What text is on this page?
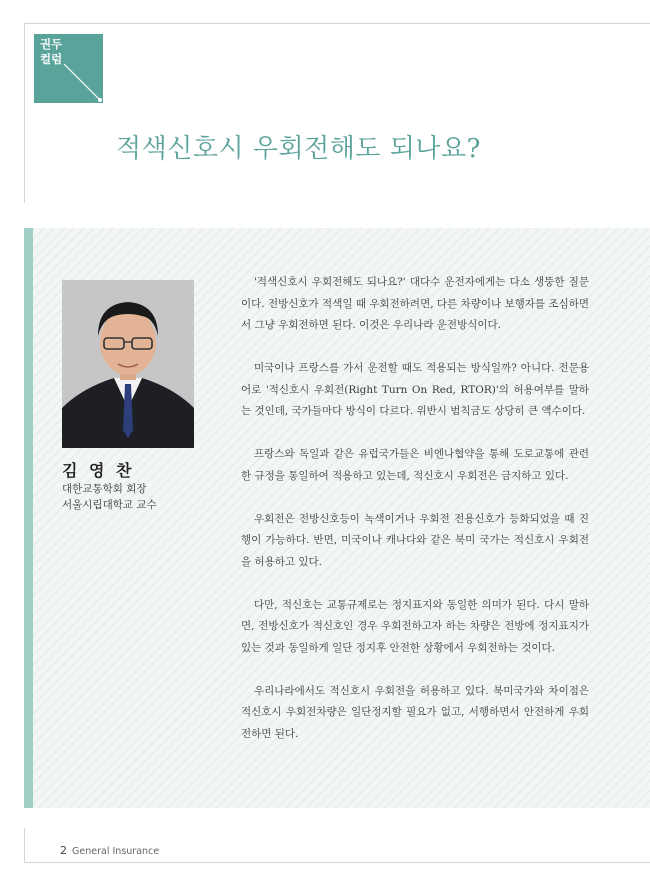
권두
컬럼
적색신호시 우회전해도 되나요?
김 영 찬
대한교통학회 회장
서울시립대학교 교수

'적색신호시 우회전해도 되나요?' 대다수 운전자에게는 다소 생뚱한 질문이다. 전방신호가 적색일 때 우회전하려면, 다른 차량이나 보행자를 조심하면서 그냥 우회전하면 된다. 이것은 우리나라 운전방식이다.

미국이나 프랑스를 가서 운전할 때도 적용되는 방식일까? 아니다. 전문용어로 '적신호시 우회전(Right Turn On Red, RTOR)'의 허용여부를 말하는 것인데, 국가들마다 방식이 다르다. 위반시 범칙금도 상당히 큰 액수이다.

프랑스와 독일과 같은 유럽국가들은 비엔나협약을 통해 도로교통에 관련한 규정을 통일하여 적용하고 있는데, 적신호시 우회전은 금지하고 있다.

우회전은 전방신호등이 녹색이거나 우회전 전용신호가 등화되었을 때 진행이 가능하다. 반면, 미국이나 캐나다와 같은 북미 국가는 적신호시 우회전을 허용하고 있다.

다만, 적신호는 교통규제로는 정지표지와 동일한 의미가 된다. 다시 말하면, 전방신호가 적신호인 경우 우회전하고자 하는 차량은 전방에 정지표지가 있는 것과 동일하게 일단 정지후 안전한 상황에서 우회전하는 것이다.

우리나라에서도 적신호시 우회전을 허용하고 있다. 북미국가와 차이점은 적신호시 우회전차량은 일단정지할 필요가 없고, 서행하면서 안전하게 우회전하면 된다.

2 General Insurance
